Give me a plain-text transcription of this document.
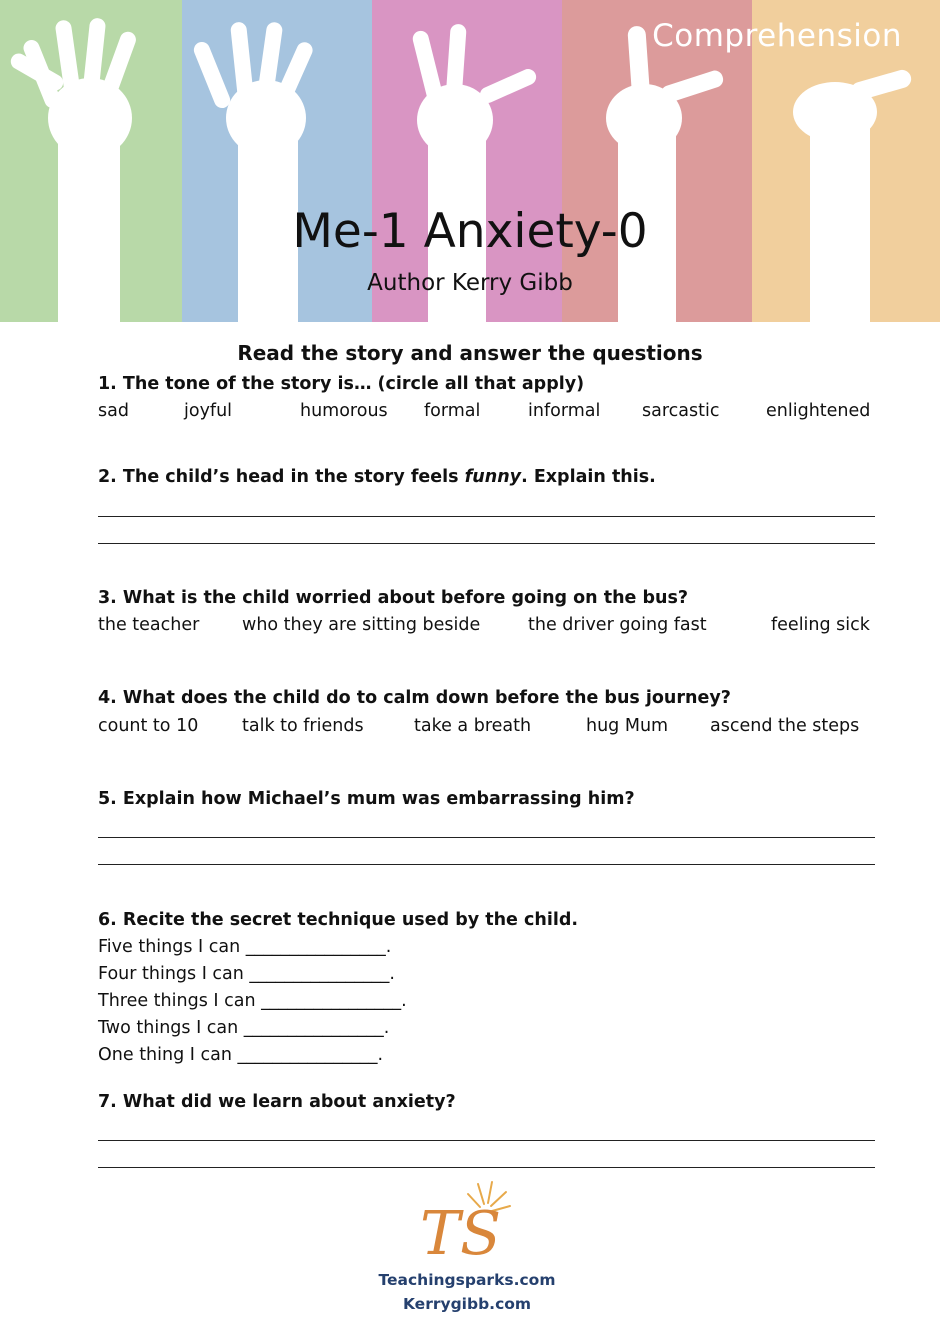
Comprehension
Me-1 Anxiety-0
Author Kerry Gibb
Read the story and answer the questions
1. The tone of the story is… (circle all that apply)
sad	joyful	humorous formal	informal sarcastic	enlightened
2. The child’s head in the story feels funny. Explain this.
3. What is the child worried about before going on the bus?
the teacher who they are sitting beside	the driver going fast	feeling sick
4. What does the child do to calm down before the bus journey?
count to 10 talk to friends	take a breath	hug Mum ascend the steps
5. Explain how Michael’s mum was embarrassing him?
6. Recite the secret technique used by the child.
Five things I can ________________.
Four things I can ________________.
Three things I can ________________.
Two things I can ________________.
One thing I can ________________.
7. What did we learn about anxiety?
TS
Teachingsparks.com
Kerrygibb.com
